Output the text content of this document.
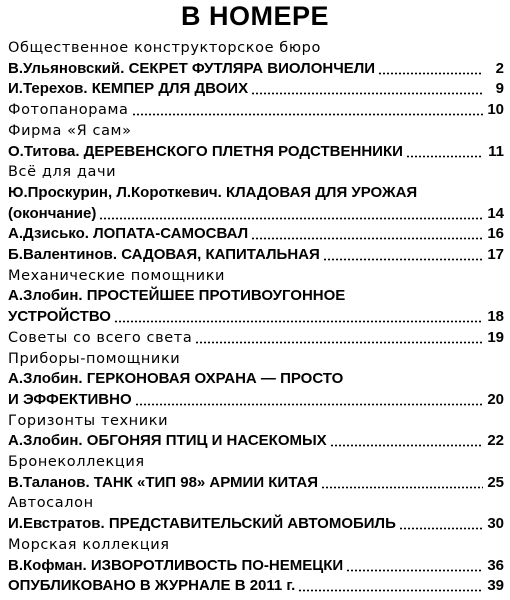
В НОМЕРЕ
Общественное конструкторское бюро
В.Ульяновский. СЕКРЕТ ФУТЛЯРА ВИОЛОНЧЕЛИ	2
И.Терехов. КЕМПЕР ДЛЯ ДВОИХ	9
Фотопанорама	10
Фирма «Я сам»
О.Титова. ДЕРЕВЕНСКОГО ПЛЕТНЯ РОДСТВЕННИКИ	11
Всё для дачи
Ю.Проскурин, Л.Короткевич. КЛАДОВАЯ ДЛЯ УРОЖАЯ
(окончание)	14
А.Дзисько. ЛОПАТА-САМОСВАЛ	16
Б.Валентинов. САДОВАЯ, КАПИТАЛЬНАЯ	17
Механические помощники
А.Злобин. ПРОСТЕЙШЕЕ ПРОТИВОУГОННОЕ
УСТРОЙСТВО	18
Советы со всего света	19
Приборы-помощники
А.Злобин. ГЕРКОНОВАЯ ОХРАНА — ПРОСТО
И ЭФФЕКТИВНО	20
Горизонты техники
А.Злобин. ОБГОНЯЯ ПТИЦ И НАСЕКОМЫХ	22
Бронеколлекция
В.Таланов. ТАНК «ТИП 98» АРМИИ КИТАЯ	25
Автосалон
И.Евстратов. ПРЕДСТАВИТЕЛЬСКИЙ АВТОМОБИЛЬ	30
Морская коллекция
В.Кофман. ИЗВОРОТЛИВОСТЬ ПО-НЕМЕЦКИ	36
ОПУБЛИКОВАНО В ЖУРНАЛЕ В 2011 г.	39
